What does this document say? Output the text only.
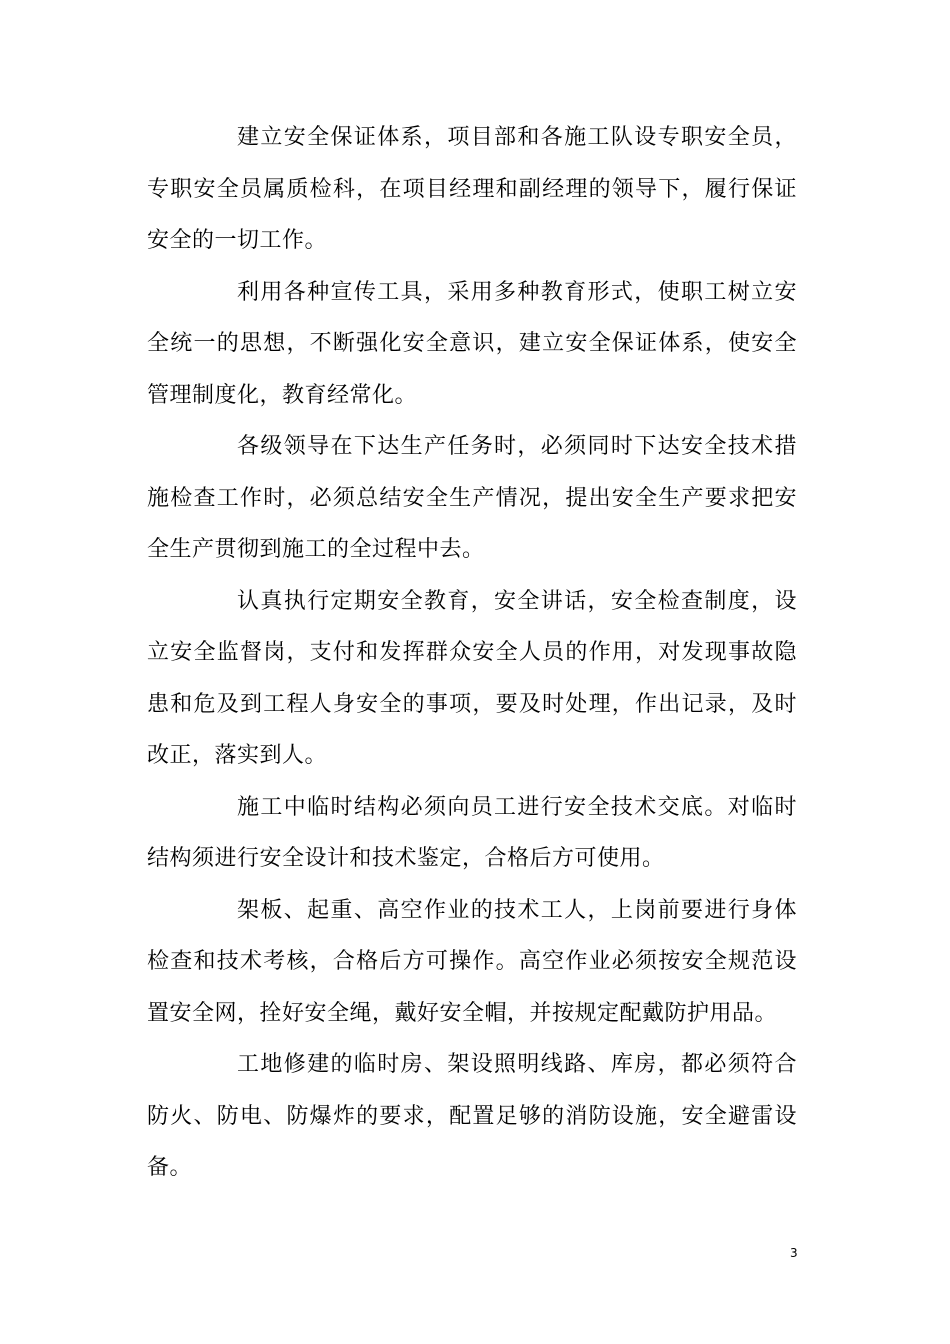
建立安全保证体系，项目部和各施工队设专职安全员，专职安全员属质检科，在项目经理和副经理的领导下，履行保证安全的一切工作。

利用各种宣传工具，采用多种教育形式，使职工树立安全统一的思想，不断强化安全意识，建立安全保证体系，使安全管理制度化，教育经常化。

各级领导在下达生产任务时，必须同时下达安全技术措施检查工作时，必须总结安全生产情况，提出安全生产要求把安全生产贯彻到施工的全过程中去。

认真执行定期安全教育，安全讲话，安全检查制度，设立安全监督岗，支付和发挥群众安全人员的作用，对发现事故隐患和危及到工程人身安全的事项，要及时处理，作出记录，及时改正，落实到人。

施工中临时结构必须向员工进行安全技术交底。对临时结构须进行安全设计和技术鉴定，合格后方可使用。

架板、起重、高空作业的技术工人，上岗前要进行身体检查和技术考核，合格后方可操作。高空作业必须按安全规范设置安全网，拴好安全绳，戴好安全帽，并按规定配戴防护用品。

工地修建的临时房、架设照明线路、库房，都必须符合防火、防电、防爆炸的要求，配置足够的消防设施，安全避雷设备。

3
